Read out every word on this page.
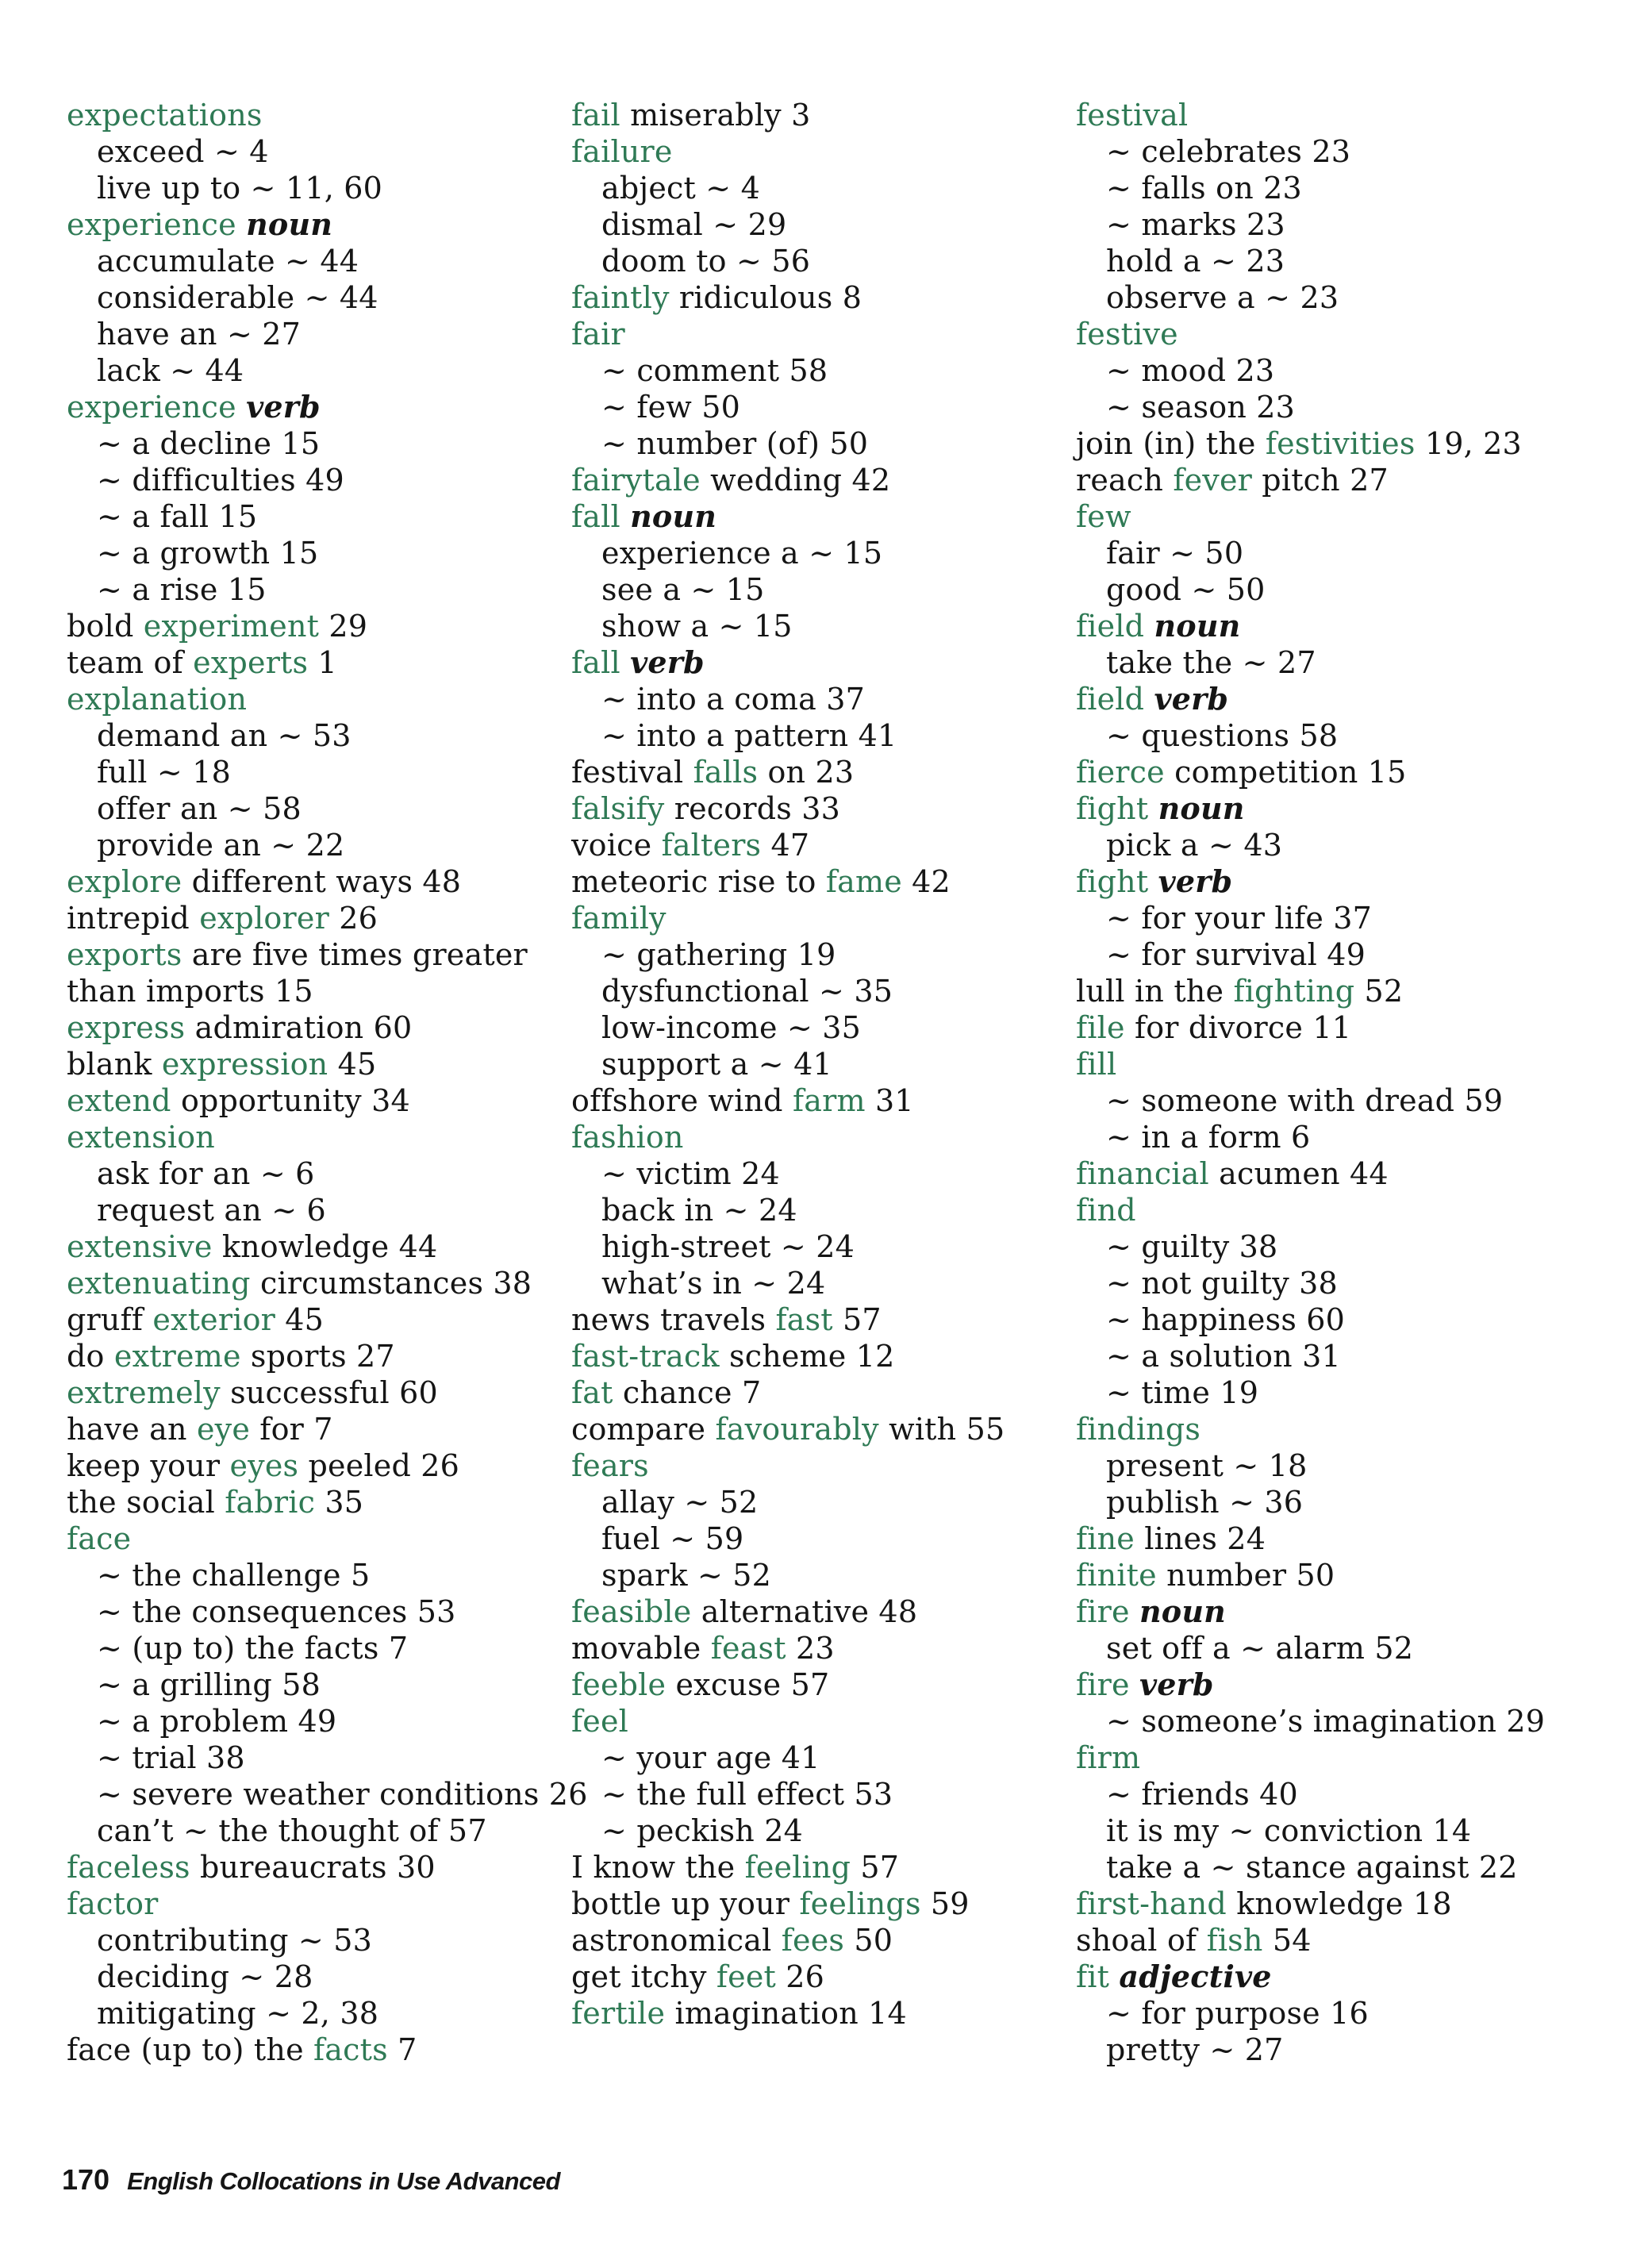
expectations
exceed ~ 4
live up to ~ 11, 60
experience noun
accumulate ~ 44
considerable ~ 44
have an ~ 27
lack ~ 44
experience verb
~ a decline 15
~ difficulties 49
~ a fall 15
~ a growth 15
~ a rise 15
bold experiment 29
team of experts 1
explanation
demand an ~ 53
full ~ 18
offer an ~ 58
provide an ~ 22
explore different ways 48
intrepid explorer 26
exports are five times greater
than imports 15
express admiration 60
blank expression 45
extend opportunity 34
extension
ask for an ~ 6
request an ~ 6
extensive knowledge 44
extenuating circumstances 38
gruff exterior 45
do extreme sports 27
extremely successful 60
have an eye for 7
keep your eyes peeled 26
the social fabric 35
face
~ the challenge 5
~ the consequences 53
~ (up to) the facts 7
~ a grilling 58
~ a problem 49
~ trial 38
~ severe weather conditions 26
can’t ~ the thought of 57
faceless bureaucrats 30
factor
contributing ~ 53
deciding ~ 28
mitigating ~ 2, 38
face (up to) the facts 7
fail miserably 3
failure
abject ~ 4
dismal ~ 29
doom to ~ 56
faintly ridiculous 8
fair
~ comment 58
~ few 50
~ number (of) 50
fairytale wedding 42
fall noun
experience a ~ 15
see a ~ 15
show a ~ 15
fall verb
~ into a coma 37
~ into a pattern 41
festival falls on 23
falsify records 33
voice falters 47
meteoric rise to fame 42
family
~ gathering 19
dysfunctional ~ 35
low-income ~ 35
support a ~ 41
offshore wind farm 31
fashion
~ victim 24
back in ~ 24
high-street ~ 24
what’s in ~ 24
news travels fast 57
fast-track scheme 12
fat chance 7
compare favourably with 55
fears
allay ~ 52
fuel ~ 59
spark ~ 52
feasible alternative 48
movable feast 23
feeble excuse 57
feel
~ your age 41
~ the full effect 53
~ peckish 24
I know the feeling 57
bottle up your feelings 59
astronomical fees 50
get itchy feet 26
fertile imagination 14
festival
~ celebrates 23
~ falls on 23
~ marks 23
hold a ~ 23
observe a ~ 23
festive
~ mood 23
~ season 23
join (in) the festivities 19, 23
reach fever pitch 27
few
fair ~ 50
good ~ 50
field noun
take the ~ 27
field verb
~ questions 58
fierce competition 15
fight noun
pick a ~ 43
fight verb
~ for your life 37
~ for survival 49
lull in the fighting 52
file for divorce 11
fill
~ someone with dread 59
~ in a form 6
financial acumen 44
find
~ guilty 38
~ not guilty 38
~ happiness 60
~ a solution 31
~ time 19
findings
present ~ 18
publish ~ 36
fine lines 24
finite number 50
fire noun
set off a ~ alarm 52
fire verb
~ someone’s imagination 29
firm
~ friends 40
it is my ~ conviction 14
take a ~ stance against 22
first-hand knowledge 18
shoal of fish 54
fit adjective
~ for purpose 16
pretty ~ 27
170 English Collocations in Use Advanced
